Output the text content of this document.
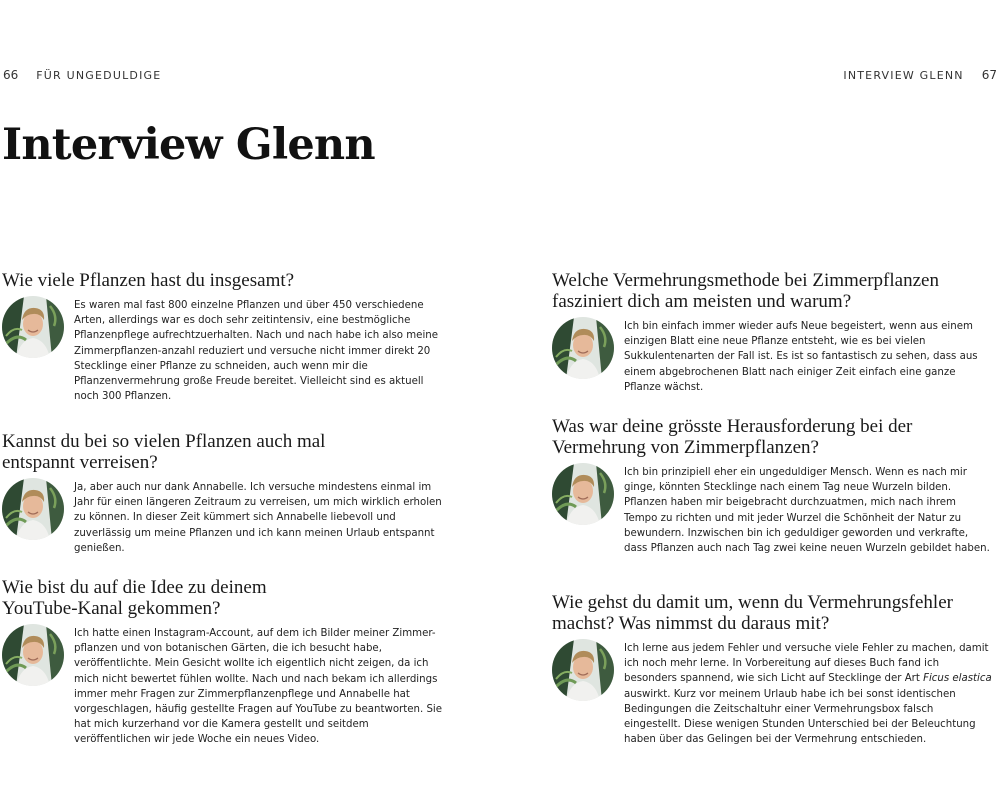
66 FÜR UNGEDULDIGE	INTERVIEW GLENN 67
Interview Glenn
Wie viele Pflanzen hast du insgesamt?

Es waren mal fast 800 einzelne Pflanzen und über 450 verschiedene Arten, allerdings war es doch sehr zeitintensiv, eine bestmögliche Pflanzenpflege aufrechtzuerhalten. Nach und nach habe ich also meine Zimmerpflanzen-anzahl reduziert und versuche nicht immer direkt 20 Stecklinge einer Pflanze zu schneiden, auch wenn mir die Pflanzenvermehrung große Freude bereitet. Vielleicht sind es aktuell noch 300 Pflanzen.

Kannst du bei so vielen Pflanzen auch mal entspannt verreisen?

Ja, aber auch nur dank Annabelle. Ich versuche mindestens einmal im Jahr für einen längeren Zeitraum zu verreisen, um mich wirklich erholen zu können. In dieser Zeit kümmert sich Annabelle liebevoll und zuverlässig um meine Pflanzen und ich kann meinen Urlaub entspannt genießen.

Wie bist du auf die Idee zu deinem YouTube-Kanal gekommen?

Ich hatte einen Instagram-Account, auf dem ich Bilder meiner Zimmer-pflanzen und von botanischen Gärten, die ich besucht habe, veröffentlichte. Mein Gesicht wollte ich eigentlich nicht zeigen, da ich mich nicht bewertet fühlen wollte. Nach und nach bekam ich allerdings immer mehr Fragen zur Zimmerpflanzenpflege und Annabelle hat vorgeschlagen, häufig gestellte Fragen auf YouTube zu beantworten. Sie hat mich kurzerhand vor die Kamera gestellt und seitdem veröffentlichen wir jede Woche ein neues Video.

Welche Vermehrungsmethode bei Zimmerpflanzen fasziniert dich am meisten und warum?

Ich bin einfach immer wieder aufs Neue begeistert, wenn aus einem einzigen Blatt eine neue Pflanze entsteht, wie es bei vielen Sukkulentenarten der Fall ist. Es ist so fantastisch zu sehen, dass aus einem abgebrochenen Blatt nach einiger Zeit einfach eine ganze Pflanze wächst.

Was war deine grösste Herausforderung bei der Vermehrung von Zimmerpflanzen?

Ich bin prinzipiell eher ein ungeduldiger Mensch. Wenn es nach mir ginge, könnten Stecklinge nach einem Tag neue Wurzeln bilden. Pflanzen haben mir beigebracht durchzuatmen, mich nach ihrem Tempo zu richten und mit jeder Wurzel die Schönheit der Natur zu bewundern. Inzwischen bin ich geduldiger geworden und verkrafte, dass Pflanzen auch nach Tag zwei keine neuen Wurzeln gebildet haben.

Wie gehst du damit um, wenn du Vermehrungsfehler machst? Was nimmst du daraus mit?

Ich lerne aus jedem Fehler und versuche viele Fehler zu machen, damit ich noch mehr lerne. In Vorbereitung auf dieses Buch fand ich besonders spannend, wie sich Licht auf Stecklinge der Art Ficus elastica auswirkt. Kurz vor meinem Urlaub habe ich bei sonst identischen Bedingungen die Zeitschaltuhr einer Vermehrungsbox falsch eingestellt. Diese wenigen Stunden Unterschied bei der Beleuchtung haben über das Gelingen bei der Vermehrung entschieden.
